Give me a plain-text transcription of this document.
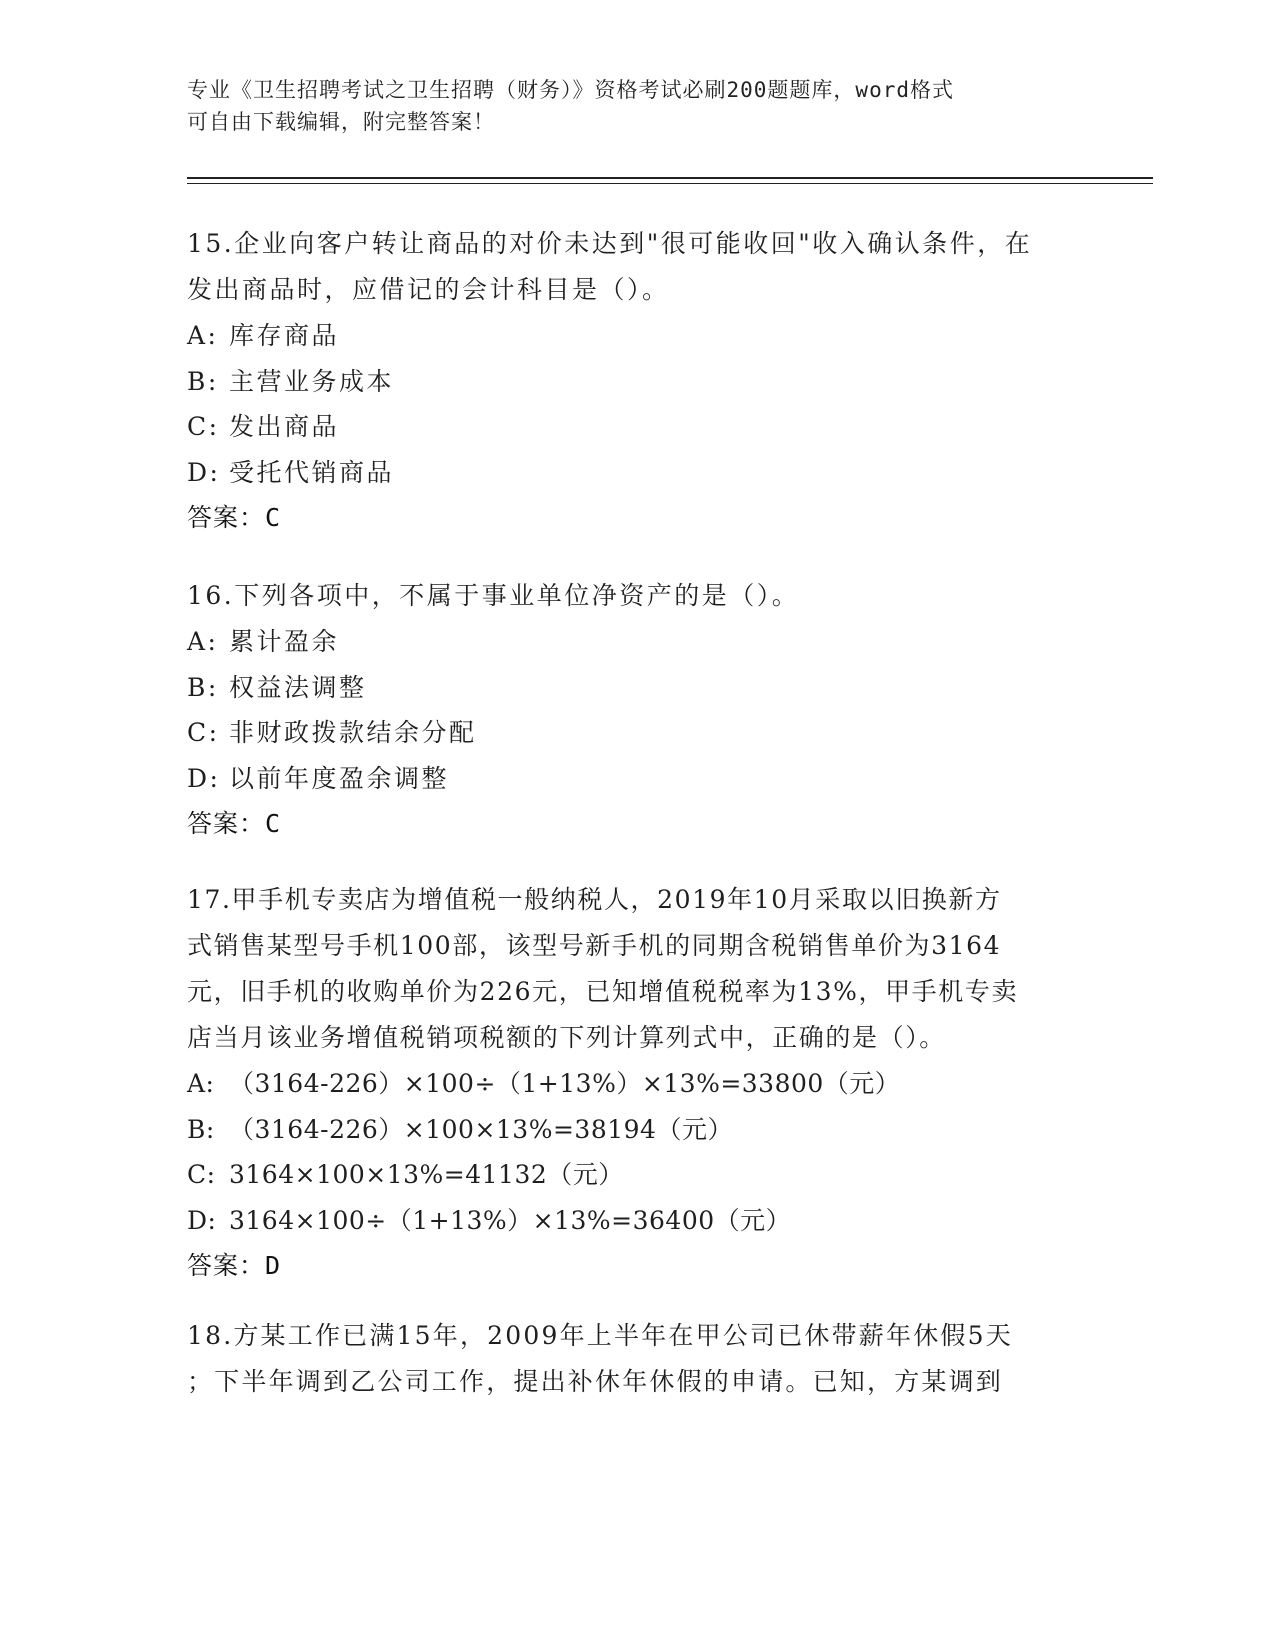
专业《卫生招聘考试之卫生招聘（财务）》资格考试必刷200题题库，word格式
可自由下载编辑，附完整答案！
15.企业向客户转让商品的对价未达到"很可能收回"收入确认条件，在
发出商品时，应借记的会计科目是（）。
A: 库存商品
B: 主营业务成本
C: 发出商品
D: 受托代销商品
答案：C
16.下列各项中，不属于事业单位净资产的是（）。
A: 累计盈余
B: 权益法调整
C: 非财政拨款结余分配
D: 以前年度盈余调整
答案：C
17.甲手机专卖店为增值税一般纳税人，2019年10月采取以旧换新方
式销售某型号手机100部，该型号新手机的同期含税销售单价为3164
元，旧手机的收购单价为226元，已知增值税税率为13%，甲手机专卖
店当月该业务增值税销项税额的下列计算列式中，正确的是（）。
A: （3164-226）×100÷（1+13%）×13%=33800（元）
B: （3164-226）×100×13%=38194（元）
C: 3164×100×13%=41132（元）
D: 3164×100÷（1+13%）×13%=36400（元）
答案：D
18.方某工作已满15年，2009年上半年在甲公司已休带薪年休假5天
；下半年调到乙公司工作，提出补休年休假的申请。已知，方某调到
